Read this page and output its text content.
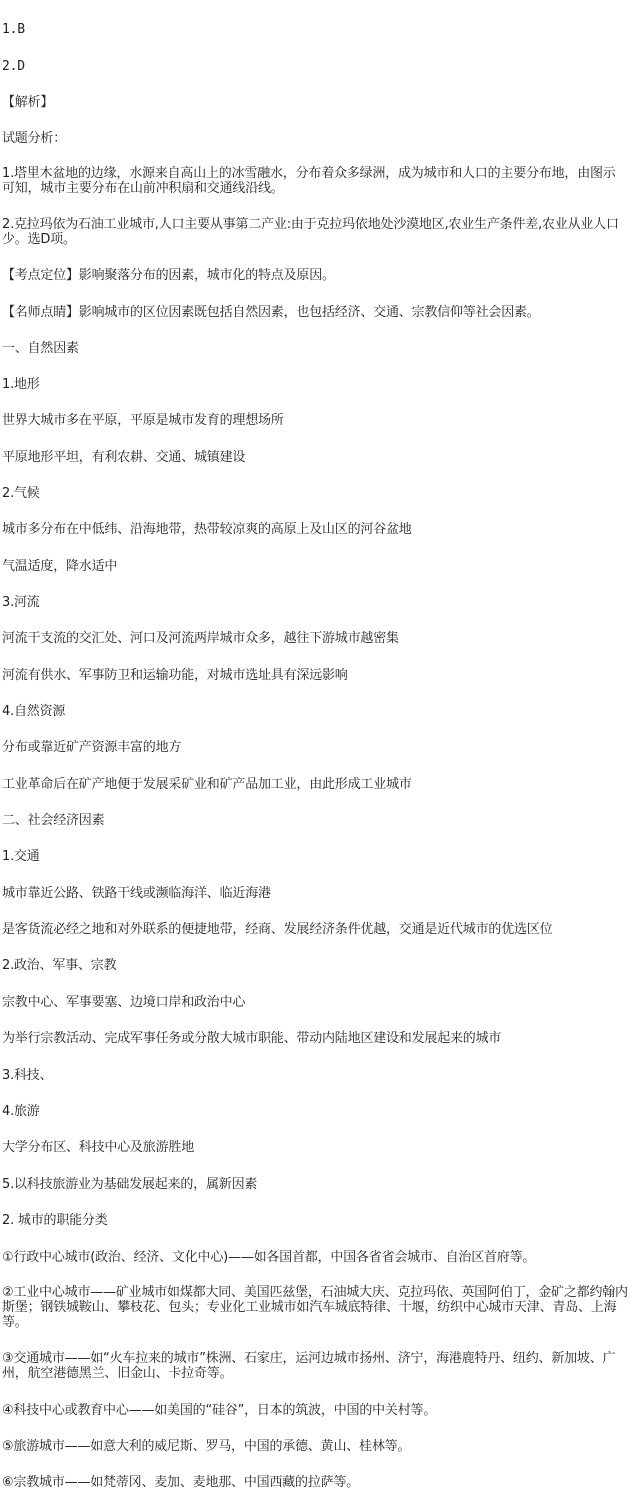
1.B
2.D
【解析】
试题分析：
1.塔里木盆地的边缘，水源来自高山上的冰雪融水，分布着众多绿洲，成为城市和人口的主要分布地，由图示可知，城市主要分布在山前冲积扇和交通线沿线。
2.克拉玛依为石油工业城市,人口主要从事第二产业:由于克拉玛依地处沙漠地区,农业生产条件差,农业从业人口少。选D项。
【考点定位】影响聚落分布的因素，城市化的特点及原因。
【名师点睛】影响城市的区位因素既包括自然因素，也包括经济、交通、宗教信仰等社会因素。
一、自然因素
1.地形
世界大城市多在平原，平原是城市发育的理想场所
平原地形平坦，有利农耕、交通、城镇建设
2.气候
城市多分布在中低纬、沿海地带，热带较凉爽的高原上及山区的河谷盆地
气温适度，降水适中
3.河流
河流干支流的交汇处、河口及河流两岸城市众多，越往下游城市越密集
河流有供水、军事防卫和运输功能，对城市选址具有深远影响
4.自然资源
分布或靠近矿产资源丰富的地方
工业革命后在矿产地便于发展采矿业和矿产品加工业，由此形成工业城市
二、社会经济因素
1.交通
城市靠近公路、铁路干线或濒临海洋、临近海港
是客货流必经之地和对外联系的便捷地带，经商、发展经济条件优越，交通是近代城市的优选区位
2.政治、军事、宗教
宗教中心、军事要塞、边境口岸和政治中心
为举行宗教活动、完成军事任务或分散大城市职能、带动内陆地区建设和发展起来的城市
3.科技、
4.旅游
大学分布区、科技中心及旅游胜地
5.以科技旅游业为基础发展起来的，属新因素
2. 城市的职能分类
①行政中心城市(政治、经济、文化中心)——如各国首都，中国各省省会城市、自治区首府等。
②工业中心城市——矿业城市如煤都大同、美国匹兹堡，石油城大庆、克拉玛依、英国阿伯丁，金矿之都约翰内斯堡；钢铁城鞍山、攀枝花、包头；专业化工业城市如汽车城底特律、十堰，纺织中心城市天津、青岛、上海等。
③交通城市——如“火车拉来的城市”株洲、石家庄，运河边城市扬州、济宁，海港鹿特丹、纽约、新加坡、广州，航空港德黑兰、旧金山、卡拉奇等。
④科技中心或教育中心——如美国的“硅谷”，日本的筑波，中国的中关村等。
⑤旅游城市——如意大利的威尼斯、罗马，中国的承德、黄山、桂林等。
⑥宗教城市——如梵蒂冈、麦加、麦地那、中国西藏的拉萨等。
